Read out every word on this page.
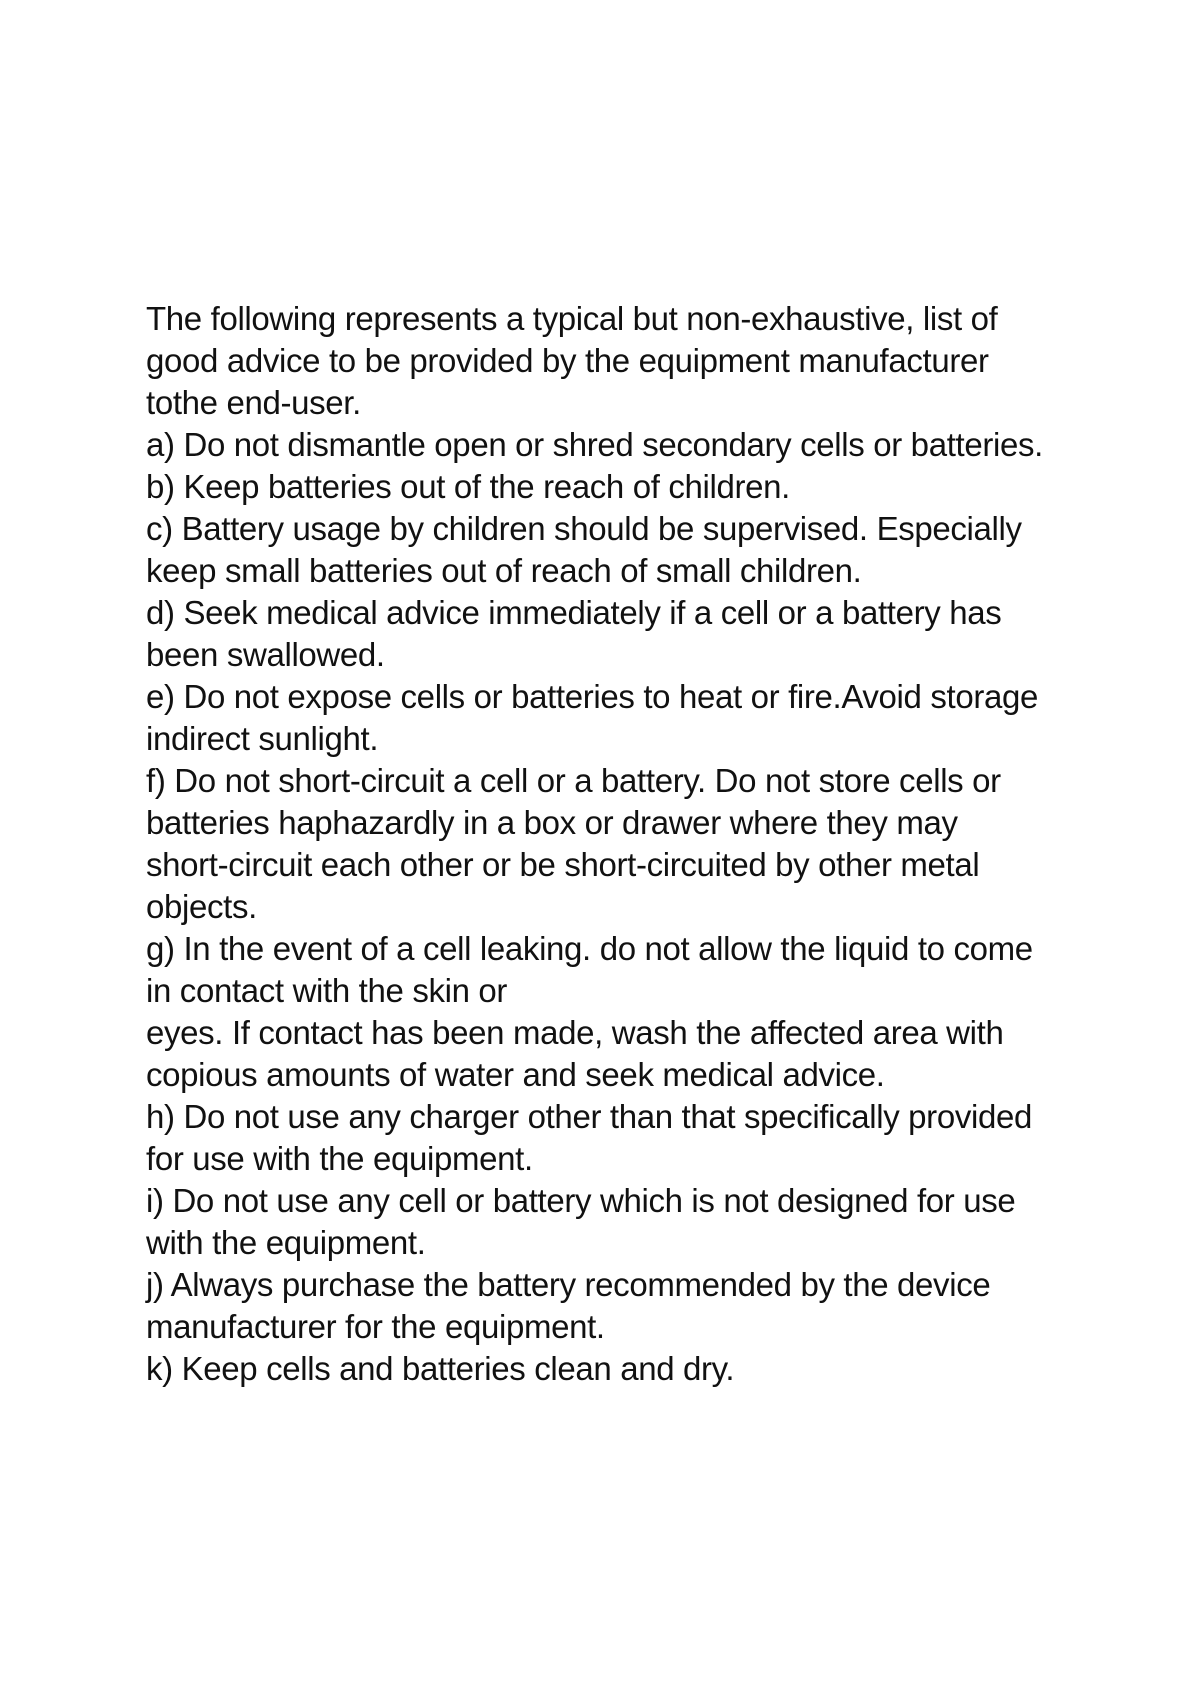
The following represents a typical but non-exhaustive, list of
good advice to be provided by the equipment manufacturer
tothe end-user.
a) Do not dismantle open or shred secondary cells or batteries.
b) Keep batteries out of the reach of children.
c) Battery usage by children should be supervised. Especially
keep small batteries out of reach of small children.
d) Seek medical advice immediately if a cell or a battery has
been swallowed.
e) Do not expose cells or batteries to heat or fire.Avoid storage
indirect sunlight.
f) Do not short-circuit a cell or a battery. Do not store cells or
batteries haphazardly in a box or drawer where they may
short-circuit each other or be short-circuited by other metal
objects.
g) In the event of a cell leaking. do not allow the liquid to come
in contact with the skin or
eyes. If contact has been made, wash the affected area with
copious amounts of water and seek medical advice.
h) Do not use any charger other than that specifically provided
for use with the equipment.
i) Do not use any cell or battery which is not designed for use
with the equipment.
j) Always purchase the battery recommended by the device
manufacturer for the equipment.
k) Keep cells and batteries clean and dry.
